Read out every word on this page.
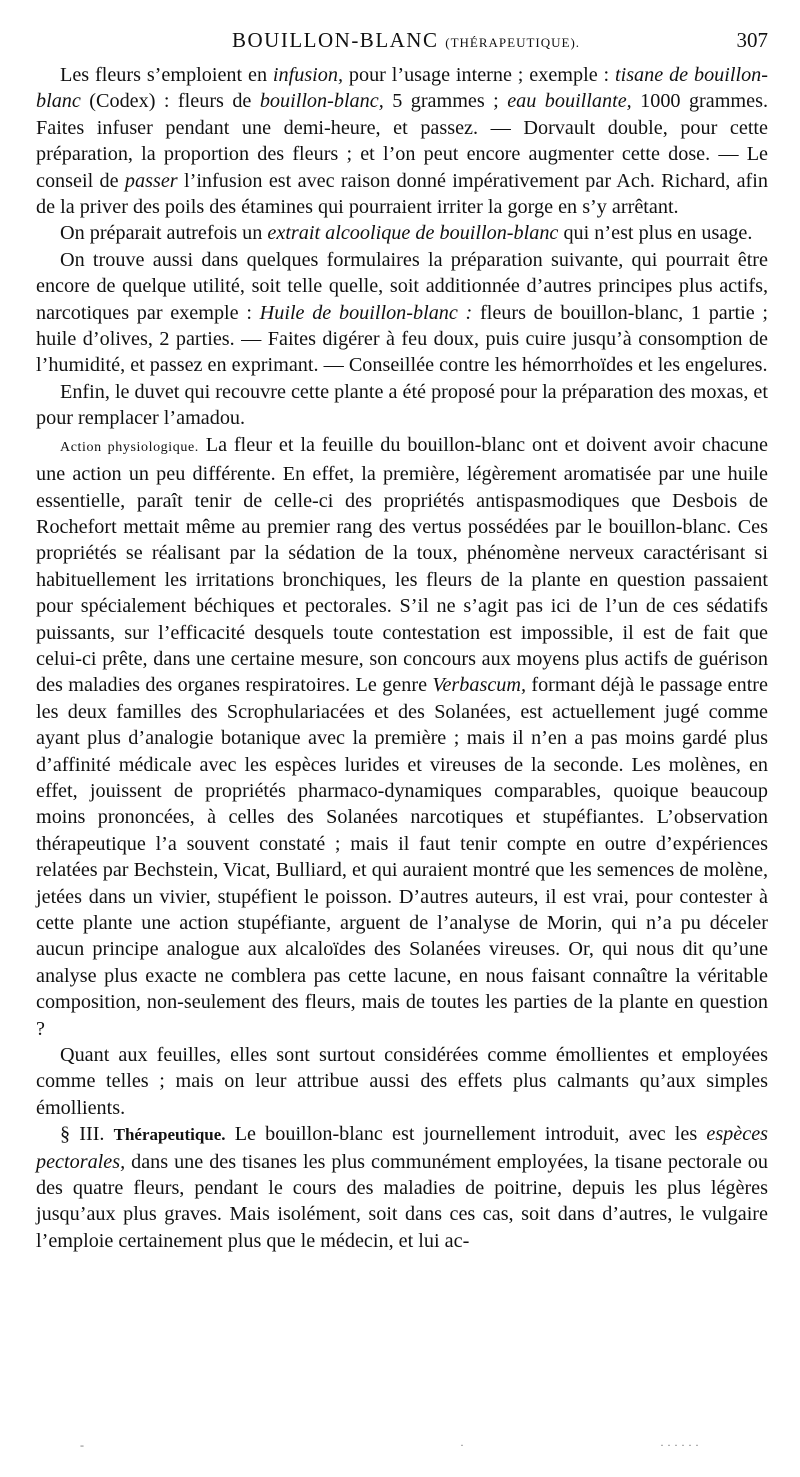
BOUILLON-BLANC (THÉRAPEUTIQUE).	307

Les fleurs s’emploient en infusion, pour l’usage interne ; exemple : tisane de bouillon-blanc (Codex) : fleurs de bouillon-blanc, 5 grammes ; eau bouillante, 1000 grammes. Faites infuser pendant une demi-heure, et passez. — Dorvault double, pour cette préparation, la proportion des fleurs ; et l’on peut encore augmenter cette dose. — Le conseil de passer l’infusion est avec raison donné impérativement par Ach. Richard, afin de la priver des poils des étamines qui pourraient irriter la gorge en s’y arrêtant.

On préparait autrefois un extrait alcoolique de bouillon-blanc qui n’est plus en usage.

On trouve aussi dans quelques formulaires la préparation suivante, qui pourrait être encore de quelque utilité, soit telle quelle, soit additionnée d’autres principes plus actifs, narcotiques par exemple : Huile de bouillon-blanc : fleurs de bouillon-blanc, 1 partie ; huile d’olives, 2 parties. — Faites digérer à feu doux, puis cuire jusqu’à consomption de l’humidité, et passez en exprimant. — Conseillée contre les hémorrhoïdes et les engelures.

Enfin, le duvet qui recouvre cette plante a été proposé pour la préparation des moxas, et pour remplacer l’amadou.

Action physiologique. La fleur et la feuille du bouillon-blanc ont et doivent avoir chacune une action un peu différente. En effet, la première, légèrement aromatisée par une huile essentielle, paraît tenir de celle-ci des propriétés antispasmodiques que Desbois de Rochefort mettait même au premier rang des vertus possédées par le bouillon-blanc. Ces propriétés se réalisant par la sédation de la toux, phénomène nerveux caractérisant si habituellement les irritations bronchiques, les fleurs de la plante en question passaient pour spécialement béchiques et pectorales. S’il ne s’agit pas ici de l’un de ces sédatifs puissants, sur l’efficacité desquels toute contestation est impossible, il est de fait que celui-ci prête, dans une certaine mesure, son concours aux moyens plus actifs de guérison des maladies des organes respiratoires. Le genre Verbascum, formant déjà le passage entre les deux familles des Scrophulariacées et des Solanées, est actuellement jugé comme ayant plus d’analogie botanique avec la première ; mais il n’en a pas moins gardé plus d’affinité médicale avec les espèces lurides et vireuses de la seconde. Les molènes, en effet, jouissent de propriétés pharmaco-dynamiques comparables, quoique beaucoup moins prononcées, à celles des Solanées narcotiques et stupéfiantes. L’observation thérapeutique l’a souvent constaté ; mais il faut tenir compte en outre d’expériences relatées par Bechstein, Vicat, Bulliard, et qui auraient montré que les semences de molène, jetées dans un vivier, stupéfient le poisson. D’autres auteurs, il est vrai, pour contester à cette plante une action stupéfiante, arguent de l’analyse de Morin, qui n’a pu déceler aucun principe analogue aux alcaloïdes des Solanées vireuses. Or, qui nous dit qu’une analyse plus exacte ne comblera pas cette lacune, en nous faisant connaître la véritable composition, non-seulement des fleurs, mais de toutes les parties de la plante en question ?

Quant aux feuilles, elles sont surtout considérées comme émollientes et employées comme telles ; mais on leur attribue aussi des effets plus calmants qu’aux simples émollients.

§ III. Thérapeutique. Le bouillon-blanc est journellement introduit, avec les espèces pectorales, dans une des tisanes les plus communément employées, la tisane pectorale ou des quatre fleurs, pendant le cours des maladies de poitrine, depuis les plus légères jusqu’aux plus graves. Mais isolément, soit dans ces cas, soit dans d’autres, le vulgaire l’emploie certainement plus que le médecin, et lui ac-

-	·	· · · · · ·
